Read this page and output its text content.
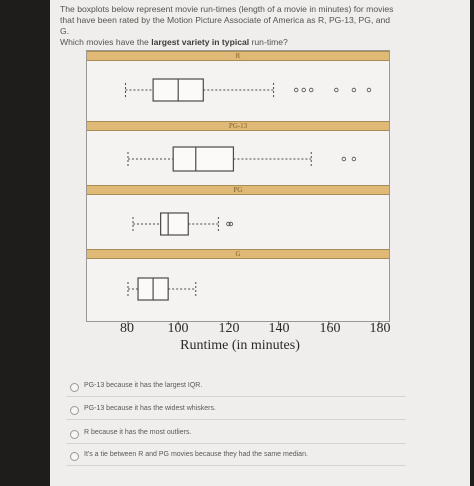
The boxplots below represent movie run-times (length of a movie in minutes) for movies
that have been rated by the Motion Picture Associate of America as R, PG-13, PG, and G.
Which movies have the largest variety in typical run-time?

R
PG-13
PG
G
80	100	120	140	160	180
Runtime (in minutes)
PG-13 because it has the largest IQR.
PG-13 because it has the widest whiskers.
R because it has the most outliers.
It's a tie between R and PG movies because they had the same median.
